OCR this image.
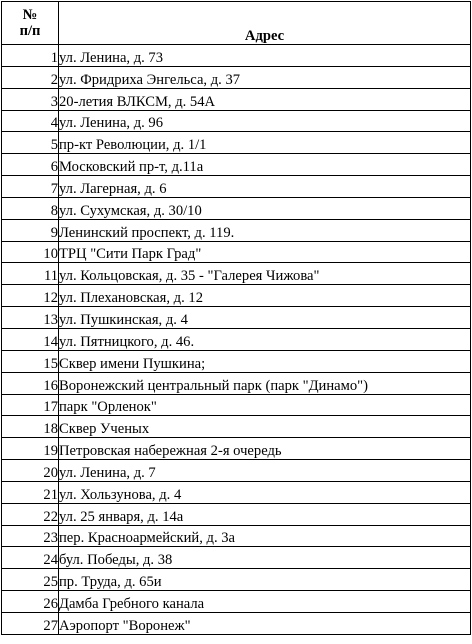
№
п/п	Адрес
1	ул. Ленина, д. 73
2	ул. Фридриха Энгельса, д. 37
3	20-летия ВЛКСМ, д. 54А
4	ул. Ленина, д. 96
5	пр-кт Революции, д. 1/1
6	Московский пр-т, д.11а
7	ул. Лагерная, д. 6
8	ул. Сухумская, д. 30/10
9	Ленинский проспект, д. 119.
10	ТРЦ "Сити Парк Град"
11	ул. Кольцовская, д. 35 - "Галерея Чижова"
12	ул. Плехановская, д. 12
13	ул. Пушкинская, д. 4
14	ул. Пятницкого, д. 46.
15	Сквер имени Пушкина;
16	Воронежский центральный парк (парк "Динамо")
17	парк "Орленок"
18	Сквер Ученых
19	Петровская набережная 2-я очередь
20	ул. Ленина, д. 7
21	ул. Хользунова, д. 4
22	ул. 25 января, д. 14а
23	пер. Красноармейский, д. 3а
24	бул. Победы, д. 38
25	пр. Труда, д. 65и
26	Дамба Гребного канала
27	Аэропорт "Воронеж"
